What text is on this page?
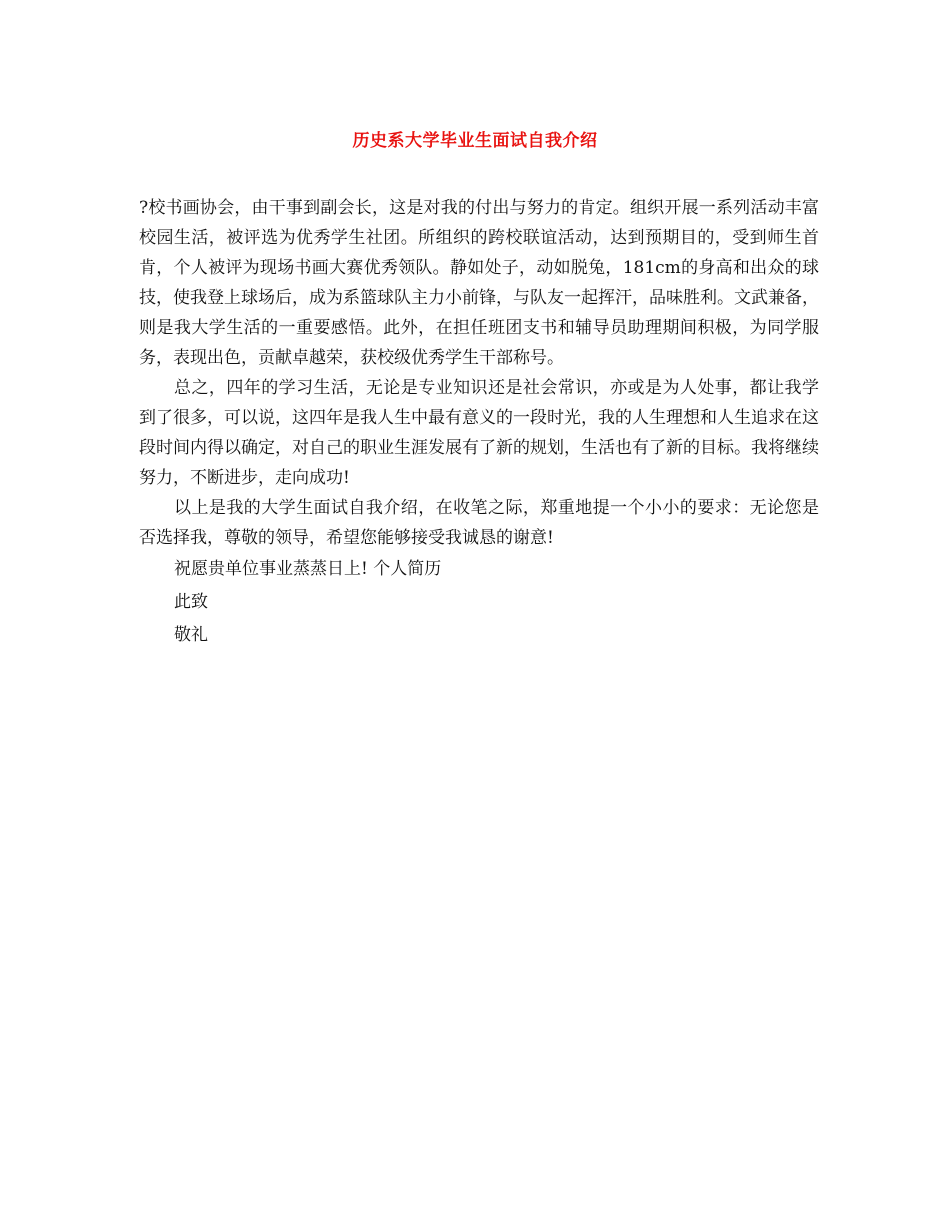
历史系大学毕业生面试自我介绍

?校书画协会，由干事到副会长，这是对我的付出与努力的肯定。组织开展一系列活动丰富校园生活，被评选为优秀学生社团。所组织的跨校联谊活动，达到预期目的，受到师生首肯，个人被评为现场书画大赛优秀领队。静如处子，动如脱兔，181cm的身高和出众的球技，使我登上球场后，成为系篮球队主力小前锋，与队友一起挥汗，品味胜利。文武兼备，则是我大学生活的一重要感悟。此外，在担任班团支书和辅导员助理期间积极，为同学服务，表现出色，贡献卓越荣，获校级优秀学生干部称号。

总之，四年的学习生活，无论是专业知识还是社会常识，亦或是为人处事，都让我学到了很多，可以说，这四年是我人生中最有意义的一段时光，我的人生理想和人生追求在这段时间内得以确定，对自己的职业生涯发展有了新的规划，生活也有了新的目标。我将继续努力，不断进步，走向成功!

以上是我的大学生面试自我介绍，在收笔之际，郑重地提一个小小的要求：无论您是否选择我，尊敬的领导，希望您能够接受我诚恳的谢意!

祝愿贵单位事业蒸蒸日上! 个人简历

此致

敬礼
